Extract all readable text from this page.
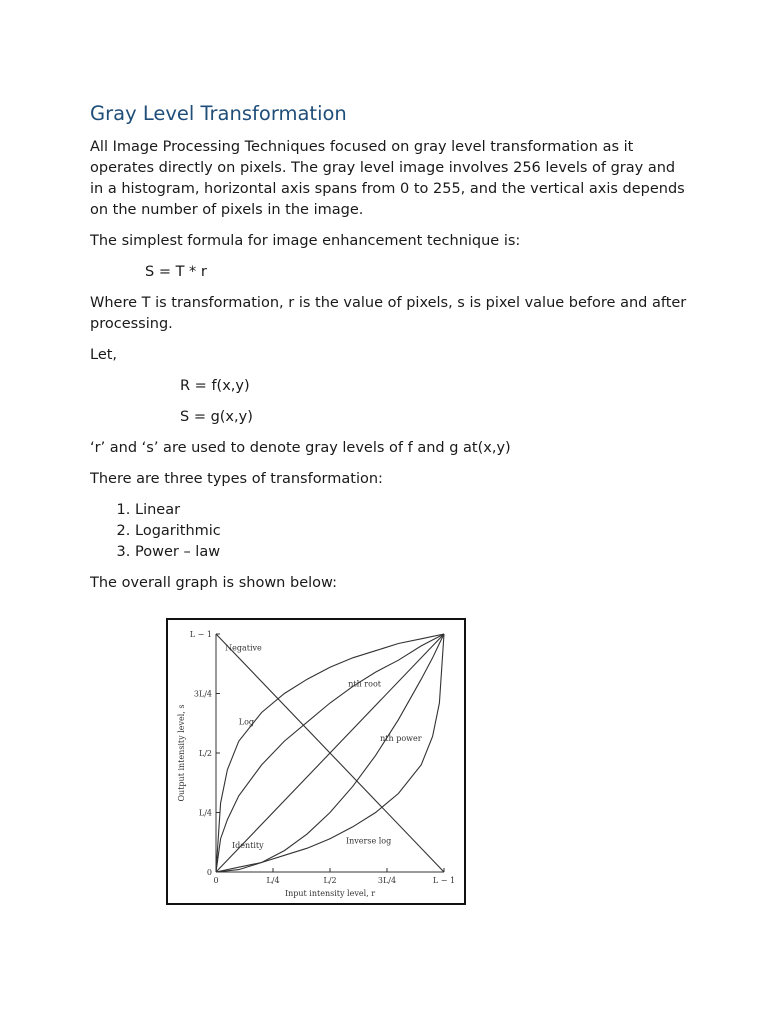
Gray Level Transformation

All Image Processing Techniques focused on gray level transformation as it operates directly on pixels. The gray level image involves 256 levels of gray and in a histogram, horizontal axis spans from 0 to 255, and the vertical axis depends on the number of pixels in the image.

The simplest formula for image enhancement technique is:

S = T * r

Where T is transformation, r is the value of pixels, s is pixel value before and after processing.

Let,

R = f(x,y)

S = g(x,y)

‘r’ and ‘s’ are used to denote gray levels of f and g at(x,y)

There are three types of transformation:

1. Linear
2. Logarithmic
3. Power – law

The overall graph is shown below:

0	L/4	L/2	3L/4	L − 1
0
L/4
L/2
3L/4
L − 1
Input intensity level, r
Output intensity level, s
Negative
Identity
Log
nth root
nth power
Inverse log
